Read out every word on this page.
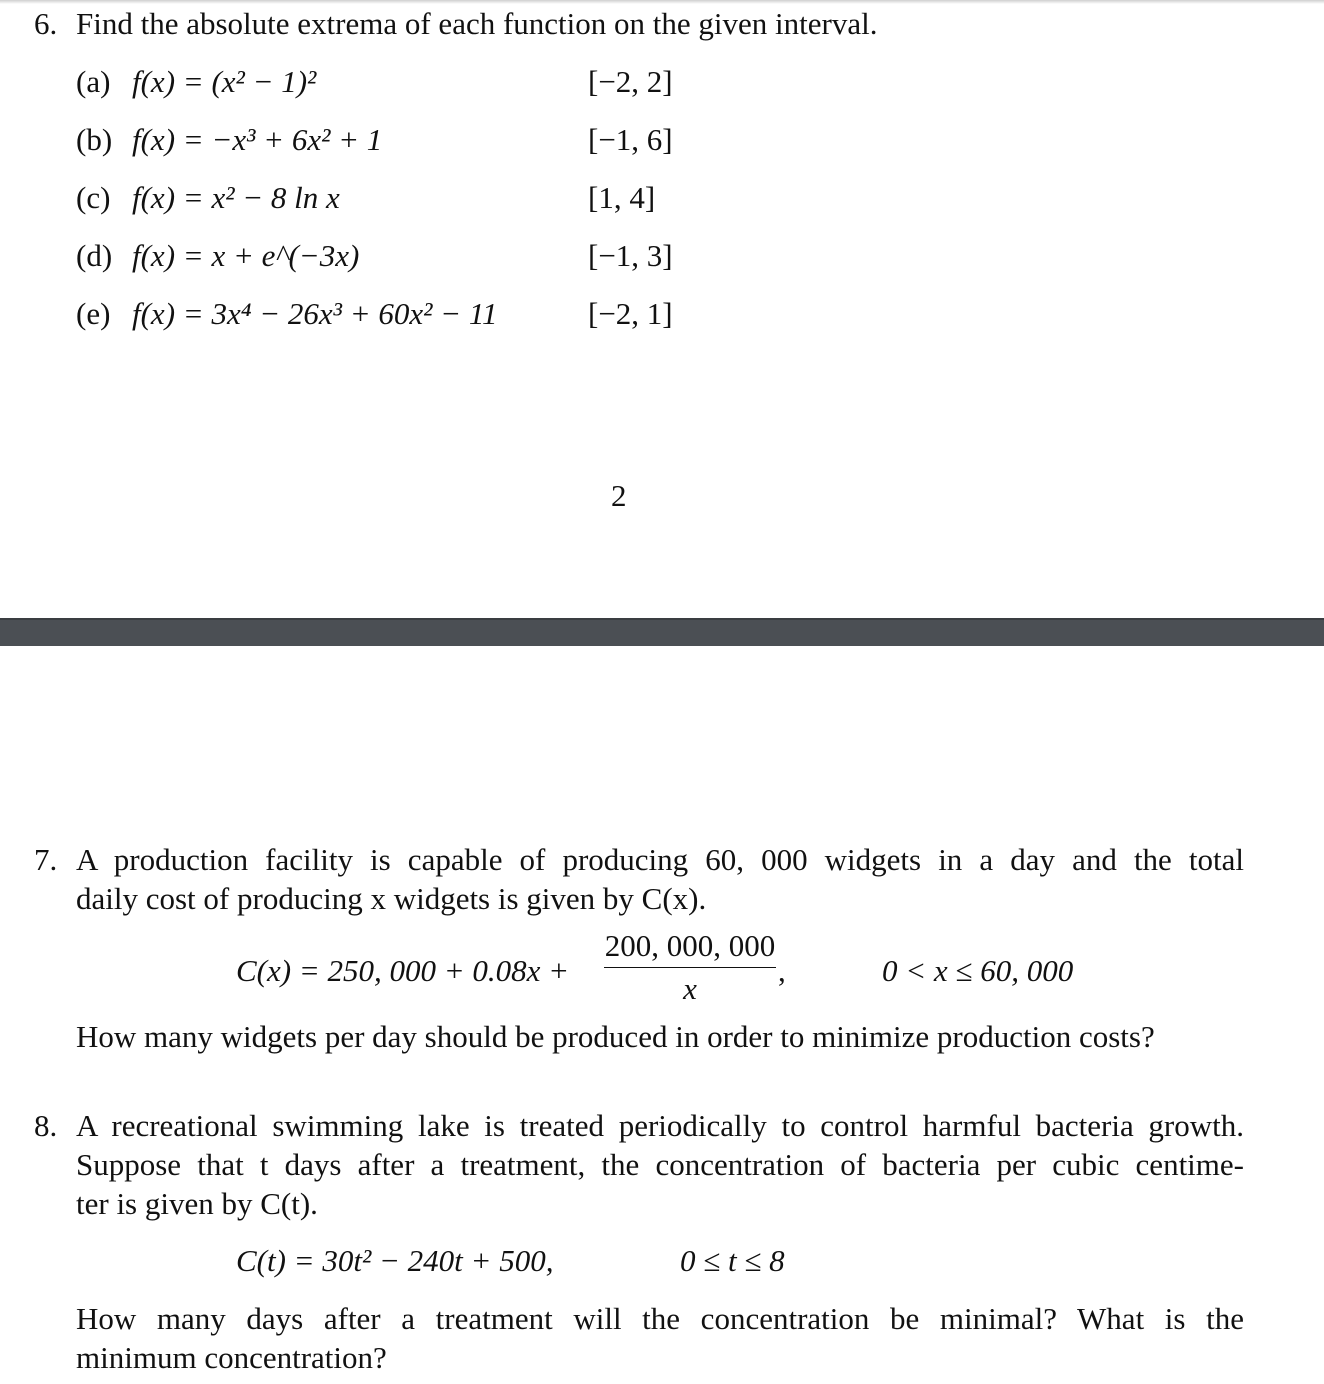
6. Find the absolute extrema of each function on the given interval.
(a) f(x) = (x² − 1)²	[−2, 2]
(b) f(x) = −x³ + 6x² + 1	[−1, 6]
(c) f(x) = x² − 8 ln x	[1, 4]
(d) f(x) = x + e^(−3x)	[−1, 3]
(e) f(x) = 3x⁴ − 26x³ + 60x² − 11	[−2, 1]
2
7. A production facility is capable of producing 60, 000 widgets in a day and the total
daily cost of producing x widgets is given by C(x).
C(x) = 250, 000 + 0.08x +
200, 000, 000
x
,	0 < x ≤ 60, 000
How many widgets per day should be produced in order to minimize production costs?
8. A recreational swimming lake is treated periodically to control harmful bacteria growth.
Suppose that t days after a treatment, the concentration of bacteria per cubic centime-
ter is given by C(t).
C(t) = 30t² − 240t + 500,	0 ≤ t ≤ 8
How many days after a treatment will the concentration be minimal? What is the
minimum concentration?
